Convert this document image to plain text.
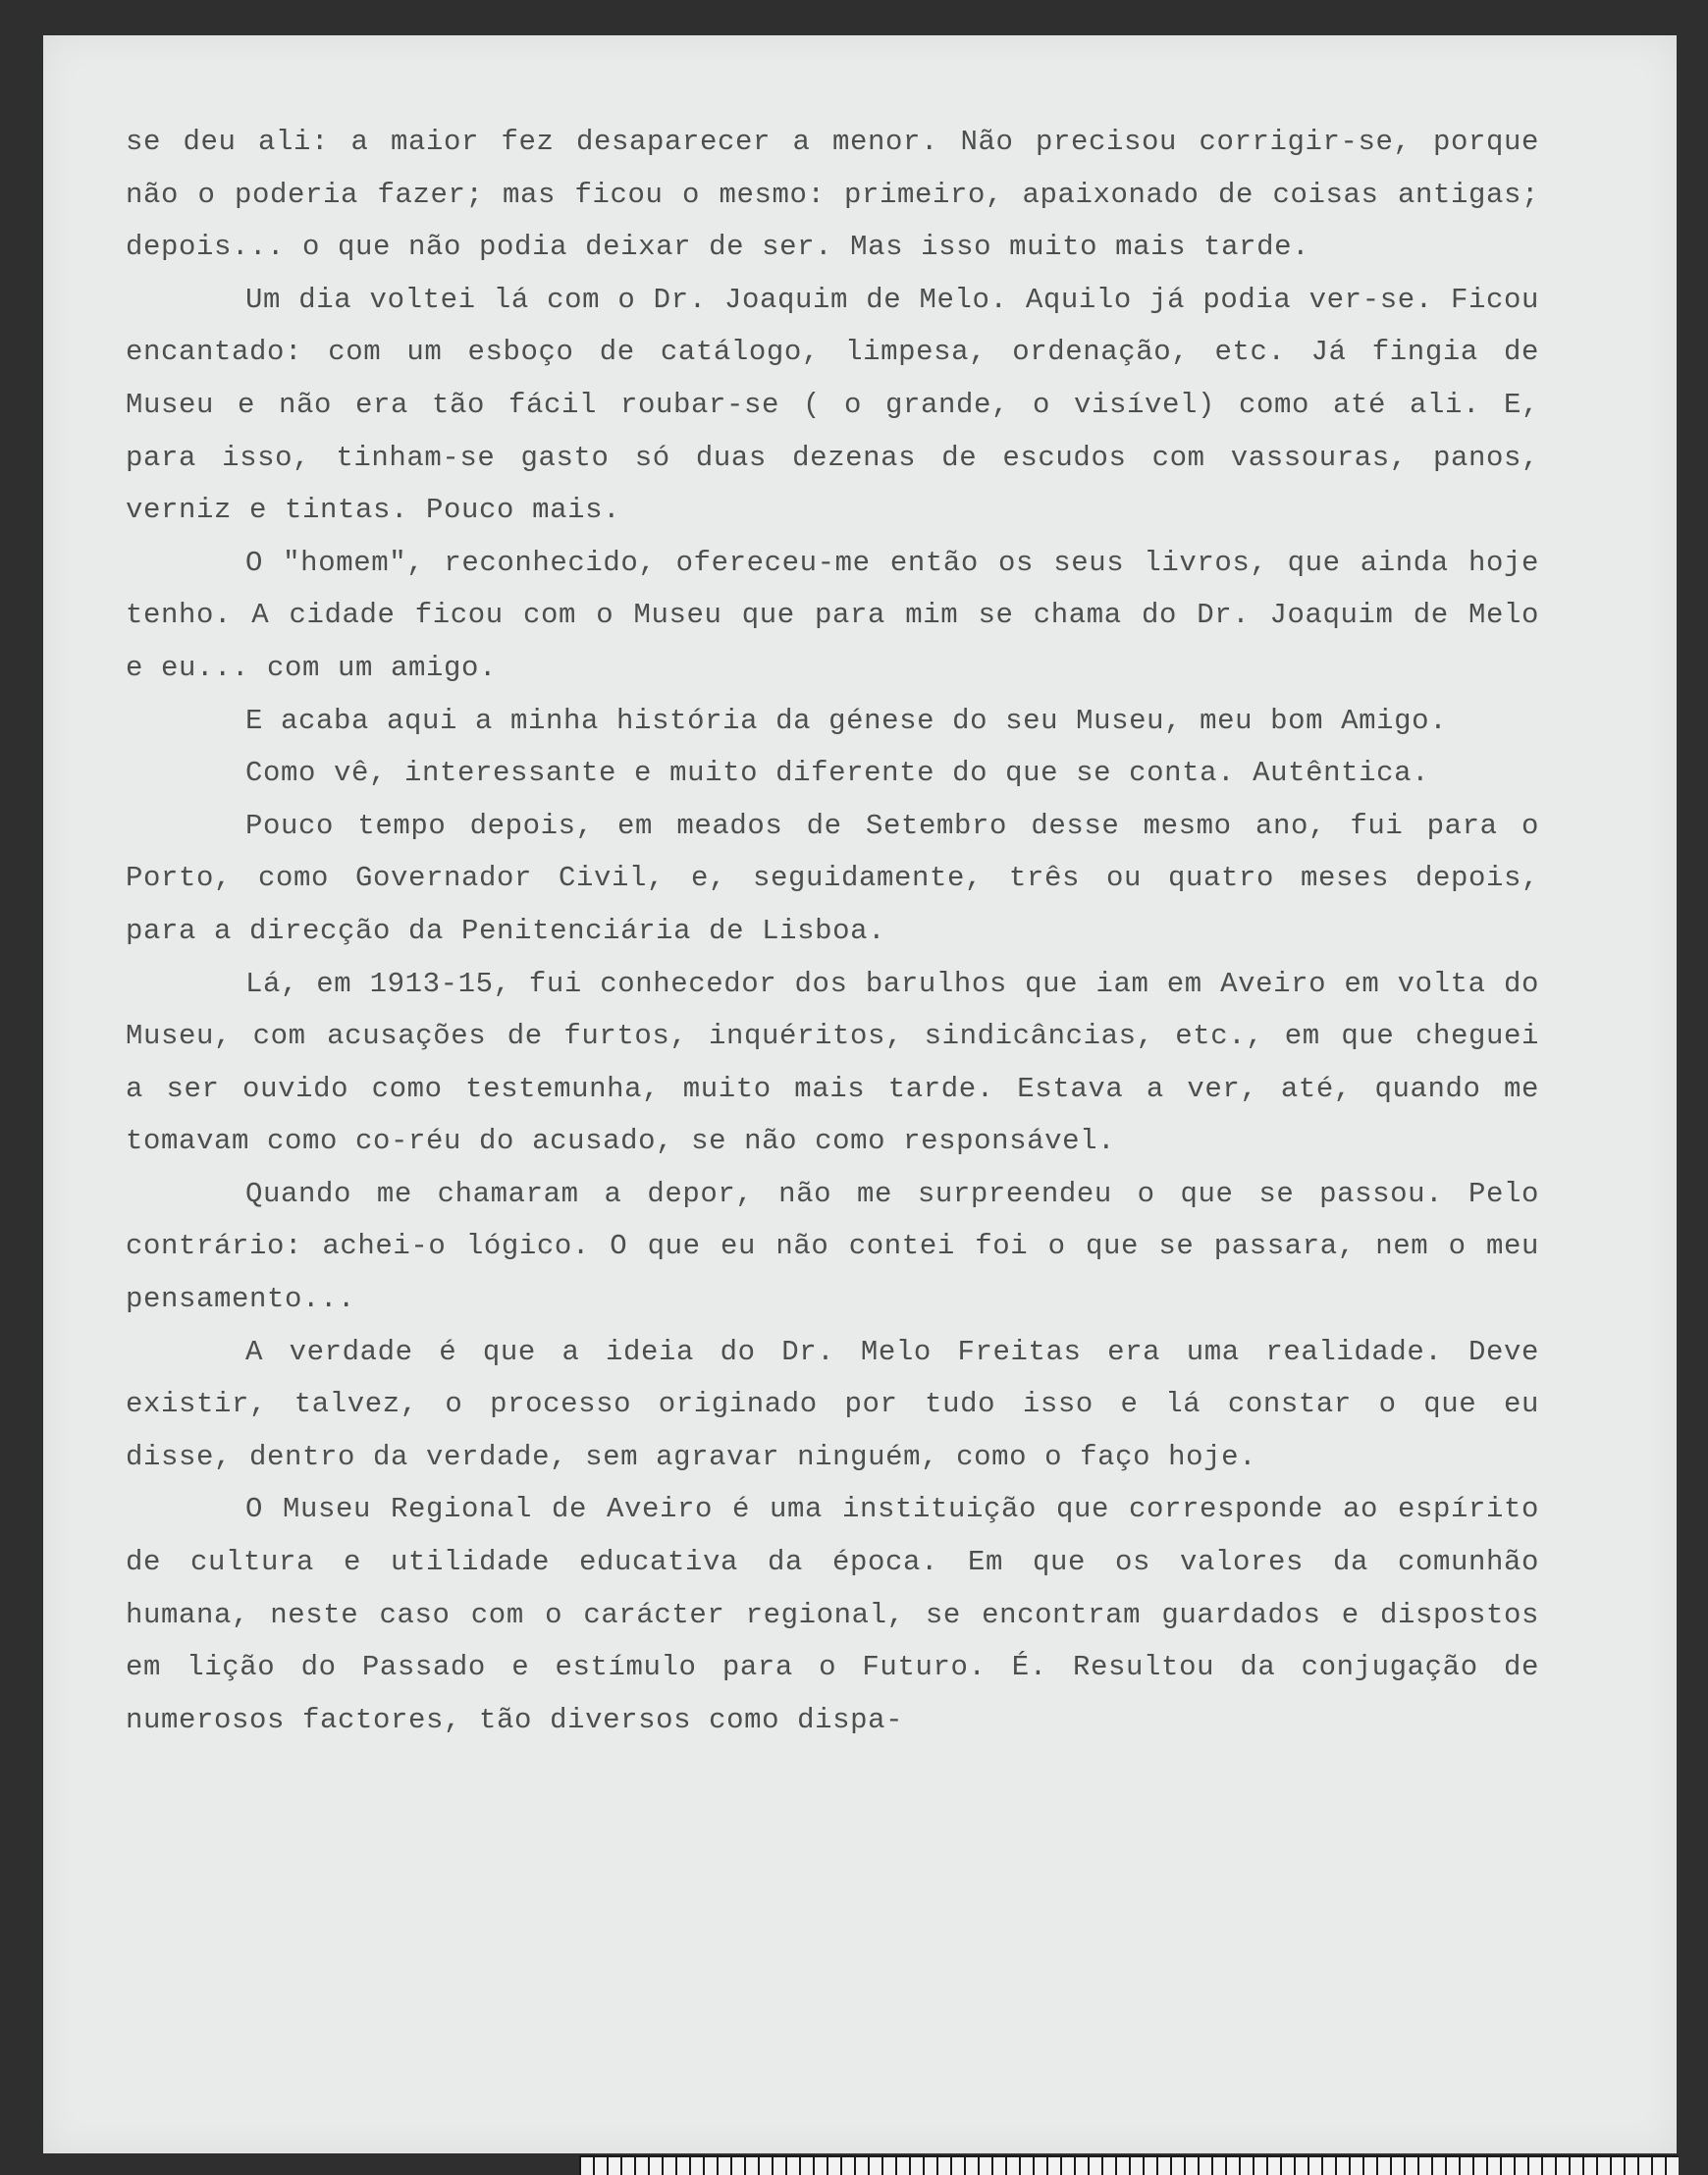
se deu ali: a maior fez desaparecer a menor. Não precisou corrigir-se, porque não o poderia fazer; mas ficou o mesmo: primeiro, apaixonado de coisas antigas; depois... o que não podia deixar de ser. Mas isso muito mais tarde.

Um dia voltei lá com o Dr. Joaquim de Melo. Aquilo já podia ver-se. Ficou encantado: com um esboço de catálogo, limpesa, ordenação, etc. Já fingia de Museu e não era tão fácil roubar-se ( o grande, o visível) como até ali. E, para isso, tinham-se gasto só duas dezenas de escudos com vassouras, panos, verniz e tintas. Pouco mais.

O "homem", reconhecido, ofereceu-me então os seus livros, que ainda hoje tenho. A cidade ficou com o Museu que para mim se chama do Dr. Joaquim de Melo e eu... com um amigo.

E acaba aqui a minha história da génese do seu Museu, meu bom Amigo.

Como vê, interessante e muito diferente do que se conta. Autêntica.

Pouco tempo depois, em meados de Setembro desse mesmo ano, fui para o Porto, como Governador Civil, e, seguidamente, três ou quatro meses depois, para a direcção da Penitenciária de Lisboa.

Lá, em 1913-15, fui conhecedor dos barulhos que iam em Aveiro em volta do Museu, com acusações de furtos, inquéritos, sindicâncias, etc., em que cheguei a ser ouvido como testemunha, muito mais tarde. Estava a ver, até, quando me tomavam como co-réu do acusado, se não como responsável.

Quando me chamaram a depor, não me surpreendeu o que se passou. Pelo contrário: achei-o lógico. O que eu não contei foi o que se passara, nem o meu pensamento...

A verdade é que a ideia do Dr. Melo Freitas era uma realidade. Deve existir, talvez, o processo originado por tudo isso e lá constar o que eu disse, dentro da verdade, sem agravar ninguém, como o faço hoje.

O Museu Regional de Aveiro é uma instituição que corresponde ao espírito de cultura e utilidade educativa da época. Em que os valores da comunhão humana, neste caso com o carácter regional, se encontram guardados e dispostos em lição do Passado e estímulo para o Futuro. É. Resultou da conjugação de numerosos factores, tão diversos como dispa-
